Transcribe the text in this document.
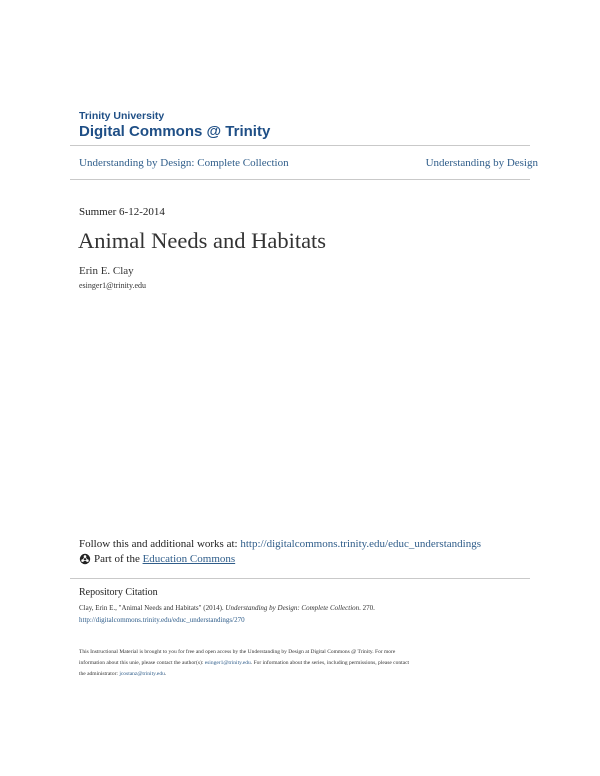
Trinity University
Digital Commons @ Trinity
Understanding by Design: Complete Collection	Understanding by Design
Summer 6-12-2014
Animal Needs and Habitats
Erin E. Clay
esinger1@trinity.edu
Follow this and additional works at: http://digitalcommons.trinity.edu/educ_understandings
Part of the Education Commons
Repository Citation
Clay, Erin E., "Animal Needs and Habitats" (2014). Understanding by Design: Complete Collection. 270.
http://digitalcommons.trinity.edu/educ_understandings/270
This Instructional Material is brought to you for free and open access by the Understanding by Design at Digital Commons @ Trinity. For more
information about this unie, please contact the author(s): esinger1@trinity.edu. For information about the series, including permissions, please contact
the administrator: jcostanz@trinity.edu.
